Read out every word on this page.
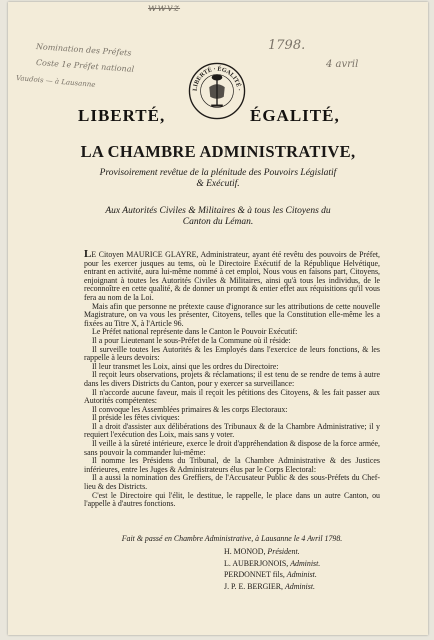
wwvz
Nomination des Préfets
Coste 1e Préfet national
Vaudois — à Lausanne
1798.
4 avril
LIBERTÉ · ÉGALITÉ ·
LIBERTÉ,	ÉGALITÉ,
LA CHAMBRE ADMINISTRATIVE,
Provisoirement revêtue de la plénitude des Pouvoirs Législatif
& Exécutif.
Aux Autorités Civiles & Militaires & à tous les Citoyens du
Canton du Léman.

LE Citoyen MAURICE GLAYRE, Administrateur, ayant été revêtu des pouvoirs de Préfet, pour les exercer jusques au tems, où le Directoire Exécutif de la République Helvétique, entrant en activité, aura lui-même nommé à cet emploi, Nous vous en faisons part, Citoyens, enjoignant à toutes les Autorités Civiles & Militaires, ainsi qu'à tous les individus, de le reconnoître en cette qualité, & de donner un prompt & entier effet aux réquisitions qu'il vous fera au nom de la Loi.

Mais afin que personne ne prétexte cause d'ignorance sur les attributions de cette nouvelle Magistrature, on va vous les présenter, Citoyens, telles que la Constitution elle-même les a fixées au Titre X, à l'Article 96.

Le Préfet national représente dans le Canton le Pouvoir Exécutif:

Il a pour Lieutenant le sous-Préfet de la Commune où il réside:

Il surveille toutes les Autorités & les Employés dans l'exercice de leurs fonctions, & les rappelle à leurs devoirs:

Il leur transmet les Loix, ainsi que les ordres du Directoire:

Il reçoit leurs observations, projets & réclamations; il est tenu de se rendre de tems à autre dans les divers Districts du Canton, pour y exercer sa surveillance:

Il n'accorde aucune faveur, mais il reçoit les pétitions des Citoyens, & les fait passer aux Autorités compétentes:

Il convoque les Assemblées primaires & les corps Electoraux:

Il préside les fêtes civiques:

Il a droit d'assister aux délibérations des Tribunaux & de la Chambre Administrative; il y requiert l'exécution des Loix, mais sans y voter.

Il veille à la sûreté intérieure, exerce le droit d'appréhendation & dispose de la force armée, sans pouvoir la commander lui-même:

Il nomme les Présidens du Tribunal, de la Chambre Administrative & des Justices inférieures, entre les Juges & Administrateurs élus par le Corps Electoral:

Il a aussi la nomination des Greffiers, de l'Accusateur Public & des sous-Préfets du Chef-lieu & des Districts.

C'est le Directoire qui l'élit, le destitue, le rappelle, le place dans un autre Canton, ou l'appelle à d'autres fonctions.

Fait & passé en Chambre Administrative, à Lausanne le 4 Avril 1798.
H. MONOD, Président.
L. AUBERJONOIS, Administ.
PERDONNET fils, Administ.
J. P. E. BERGIER, Administ.
